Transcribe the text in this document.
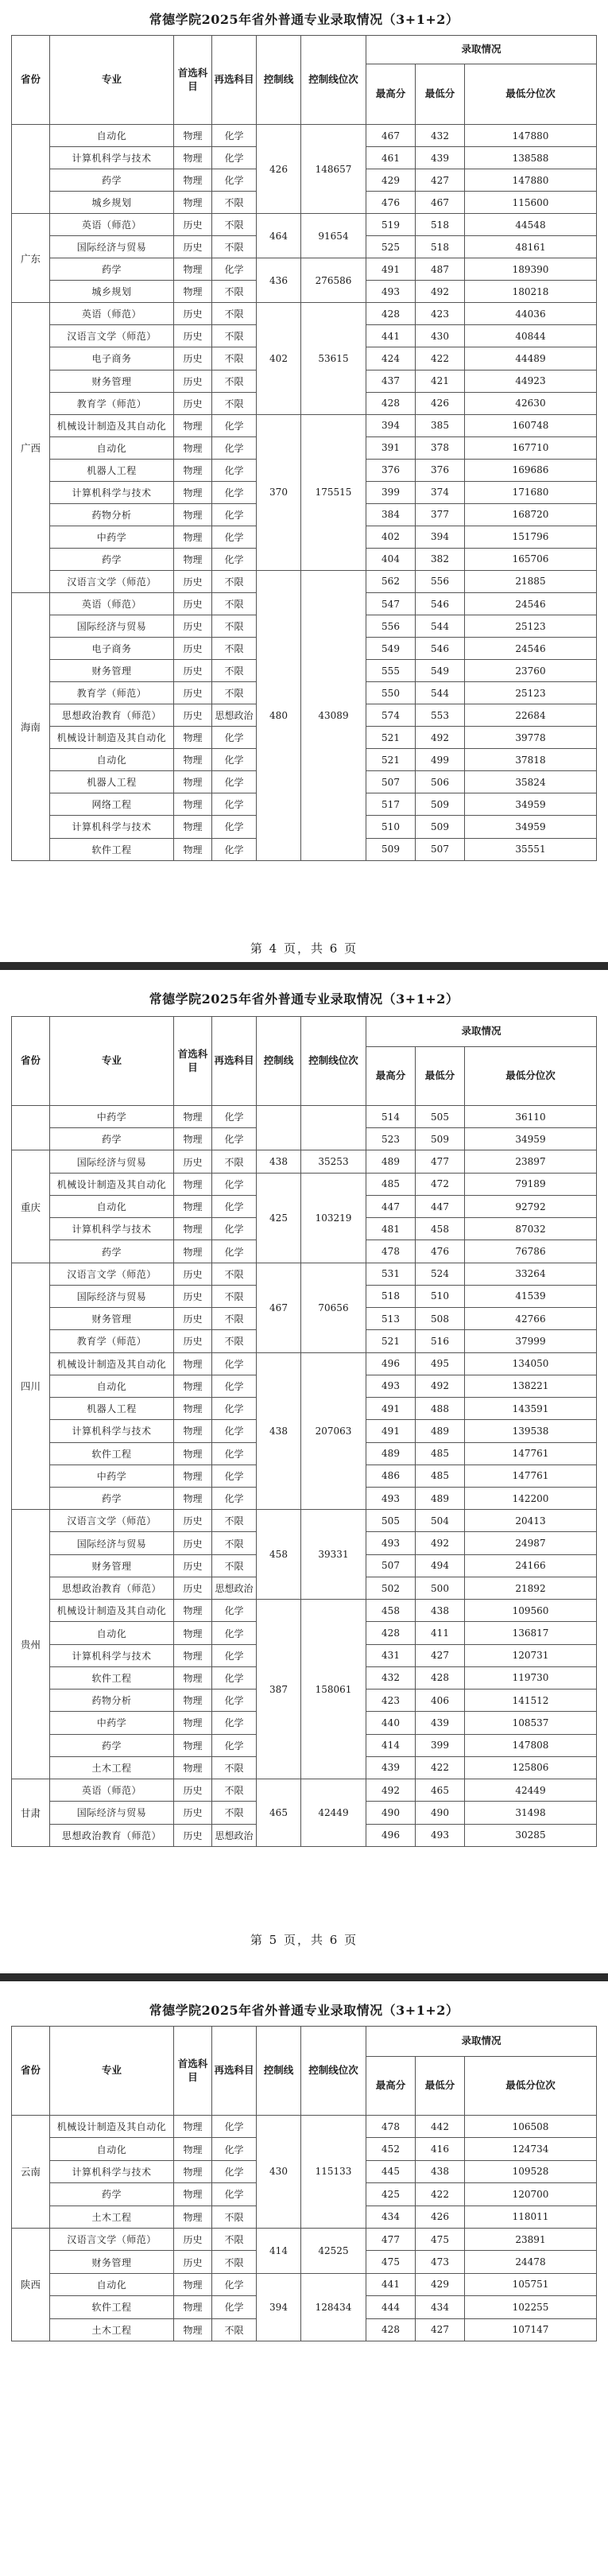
常德学院2025年省外普通专业录取情况（3+1+2）
省份	专业	首选科目	再选科目	控制线	控制线位次	录取情况		
						最高分	最低分	最低分位次
	自动化	物理	化学	426	148657	467	432	147880
	计算机科学与技术	物理	化学			461	439	138588
	药学	物理	化学			429	427	147880
	城乡规划	物理	不限			476	467	115600
广东	英语（师范）	历史	不限	464	91654	519	518	44548
	国际经济与贸易	历史	不限			525	518	48161
	药学	物理	化学	436	276586	491	487	189390
	城乡规划	物理	不限			493	492	180218
广西	英语（师范）	历史	不限	402	53615	428	423	44036
	汉语言文学（师范）	历史	不限			441	430	40844
	电子商务	历史	不限			424	422	44489
	财务管理	历史	不限			437	421	44923
	教育学（师范）	历史	不限			428	426	42630
	机械设计制造及其自动化	物理	化学	370	175515	394	385	160748
	自动化	物理	化学			391	378	167710
	机器人工程	物理	化学			376	376	169686
	计算机科学与技术	物理	化学			399	374	171680
	药物分析	物理	化学			384	377	168720
	中药学	物理	化学			402	394	151796
	药学	物理	化学			404	382	165706
	汉语言文学（师范）	历史	不限	480	43089	562	556	21885
海南	英语（师范）	历史	不限			547	546	24546
	国际经济与贸易	历史	不限			556	544	25123
	电子商务	历史	不限			549	546	24546
	财务管理	历史	不限			555	549	23760
	教育学（师范）	历史	不限			550	544	25123
	思想政治教育（师范）	历史	思想政治			574	553	22684
	机械设计制造及其自动化	物理	化学			521	492	39778
	自动化	物理	化学			521	499	37818
	机器人工程	物理	化学			507	506	35824
	网络工程	物理	化学			517	509	34959
	计算机科学与技术	物理	化学			510	509	34959
	软件工程	物理	化学			509	507	35551
第 4 页，共 6 页
常德学院2025年省外普通专业录取情况（3+1+2）
省份	专业	首选科目	再选科目	控制线	控制线位次	录取情况		
						最高分	最低分	最低分位次
	中药学	物理	化学			514	505	36110
	药学	物理	化学			523	509	34959
重庆	国际经济与贸易	历史	不限	438	35253	489	477	23897
	机械设计制造及其自动化	物理	化学	425	103219	485	472	79189
	自动化	物理	化学			447	447	92792
	计算机科学与技术	物理	化学			481	458	87032
	药学	物理	化学			478	476	76786
四川	汉语言文学（师范）	历史	不限	467	70656	531	524	33264
	国际经济与贸易	历史	不限			518	510	41539
	财务管理	历史	不限			513	508	42766
	教育学（师范）	历史	不限			521	516	37999
	机械设计制造及其自动化	物理	化学	438	207063	496	495	134050
	自动化	物理	化学			493	492	138221
	机器人工程	物理	化学			491	488	143591
	计算机科学与技术	物理	化学			491	489	139538
	软件工程	物理	化学			489	485	147761
	中药学	物理	化学			486	485	147761
	药学	物理	化学			493	489	142200
贵州	汉语言文学（师范）	历史	不限	458	39331	505	504	20413
	国际经济与贸易	历史	不限			493	492	24987
	财务管理	历史	不限			507	494	24166
	思想政治教育（师范）	历史	思想政治			502	500	21892
	机械设计制造及其自动化	物理	化学	387	158061	458	438	109560
	自动化	物理	化学			428	411	136817
	计算机科学与技术	物理	化学			431	427	120731
	软件工程	物理	化学			432	428	119730
	药物分析	物理	化学			423	406	141512
	中药学	物理	化学			440	439	108537
	药学	物理	化学			414	399	147808
	土木工程	物理	不限			439	422	125806
甘肃	英语（师范）	历史	不限	465	42449	492	465	42449
	国际经济与贸易	历史	不限			490	490	31498
	思想政治教育（师范）	历史	思想政治			496	493	30285
第 5 页，共 6 页
常德学院2025年省外普通专业录取情况（3+1+2）
省份	专业	首选科目	再选科目	控制线	控制线位次	录取情况		
						最高分	最低分	最低分位次
云南	机械设计制造及其自动化	物理	化学	430	115133	478	442	106508
	自动化	物理	化学			452	416	124734
	计算机科学与技术	物理	化学			445	438	109528
	药学	物理	化学			425	422	120700
	土木工程	物理	不限			434	426	118011
陕西	汉语言文学（师范）	历史	不限	414	42525	477	475	23891
	财务管理	历史	不限			475	473	24478
	自动化	物理	化学	394	128434	441	429	105751
	软件工程	物理	化学			444	434	102255
	土木工程	物理	不限			428	427	107147
